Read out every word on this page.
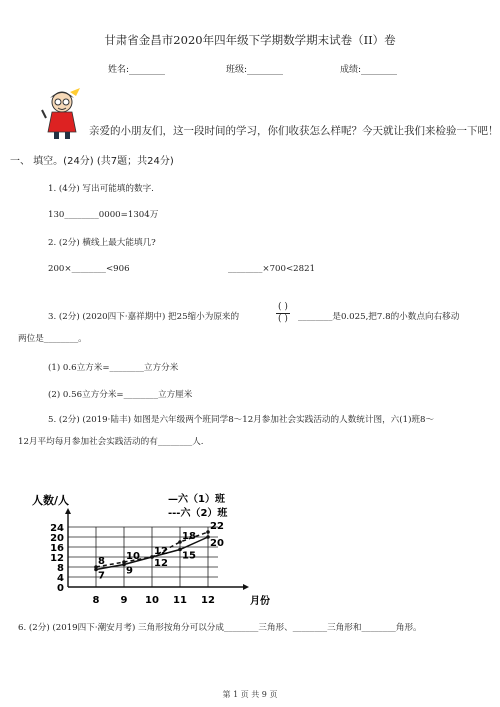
甘肃省金昌市2020年四年级下学期数学期末试卷（II）卷
姓名:________	班级:________	成绩:________
亲爱的小朋友们，这一段时间的学习，你们收获怎么样呢？今天就让我们来检验一下吧！
一、 填空。(24分) (共7题；共24分)
1. (4分) 写出可能填的数字.
130________0000=1304万
2. (2分) 横线上最大能填几?
200×________<906	________×700<2821
3. (2分) (2020四下·嘉祥期中) 把25缩小为原来的
( )
( )	________是0.025,把7.8的小数点向右移动
两位是________。
(1) 0.6立方米=________立方分米
(2) 0.56立方分米=________立方厘米
5. (2分) (2019·陆丰) 如图是六年级两个班同学8～12月参加社会实践活动的人数统计图，六(1)班8～
12月平均每月参加社会实践活动的有________人.
人数/人
0
4
8
12
16
20
24
8 9 10 11 12
7 9
12
15
20
8 10 12
18
22
—六（1）班
---六（2）班
月份
6. (2分) (2019四下·潮安月考) 三角形按角分可以分成________三角形、________三角形和________角形。
第 1 页 共 9 页
